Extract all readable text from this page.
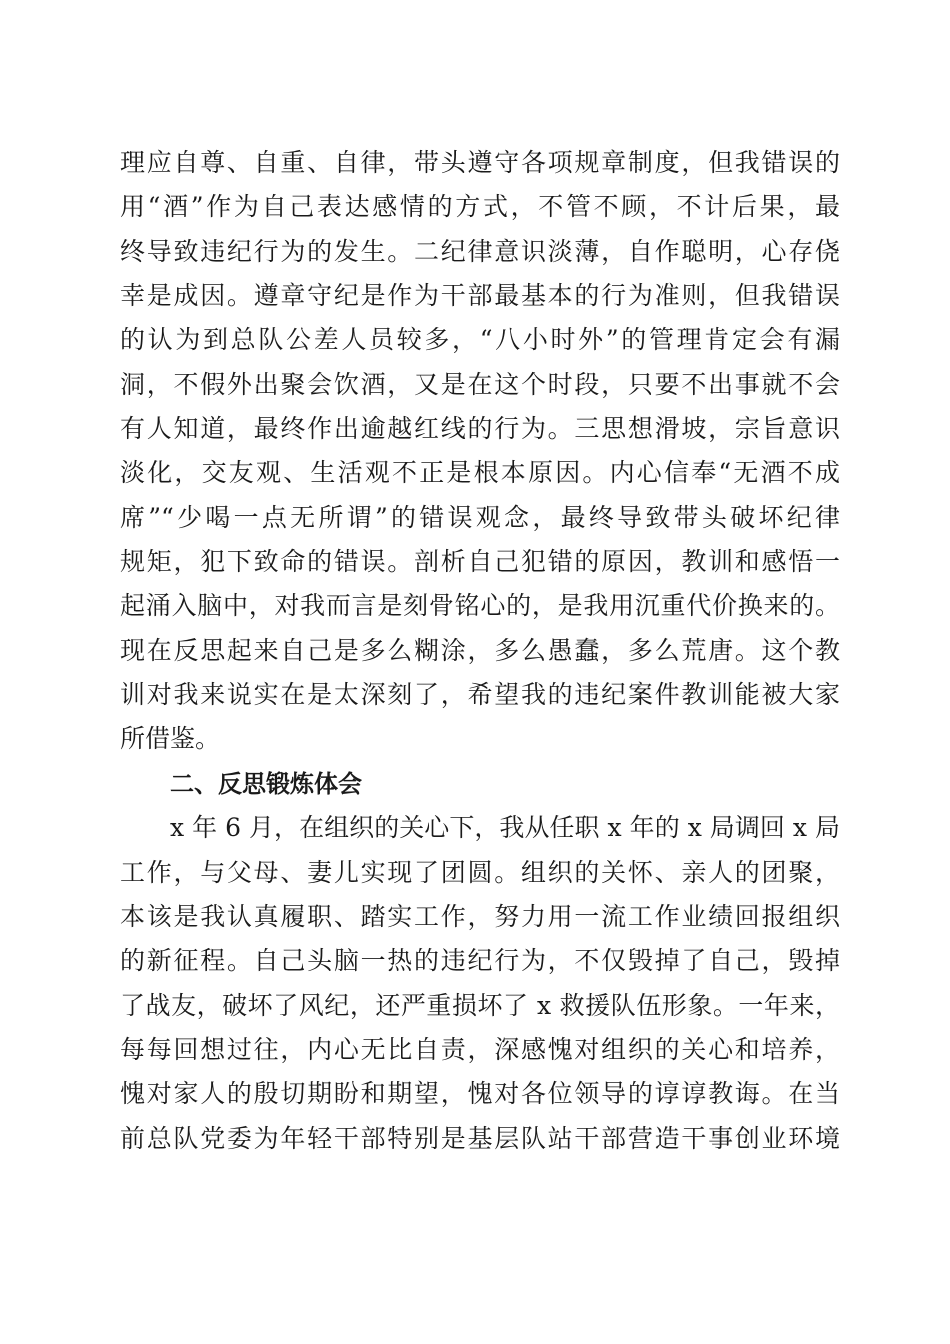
理应自尊、自重、自律，带头遵守各项规章制度，但我错误的
用“酒”作为自己表达感情的方式，不管不顾，不计后果，最
终导致违纪行为的发生。二纪律意识淡薄，自作聪明，心存侥
幸是成因。遵章守纪是作为干部最基本的行为准则，但我错误
的认为到总队公差人员较多，“八小时外”的管理肯定会有漏
洞，不假外出聚会饮酒，又是在这个时段，只要不出事就不会
有人知道，最终作出逾越红线的行为。三思想滑坡，宗旨意识
淡化，交友观、生活观不正是根本原因。内心信奉“无酒不成
席”“少喝一点无所谓”的错误观念，最终导致带头破坏纪律
规矩，犯下致命的错误。剖析自己犯错的原因，教训和感悟一
起涌入脑中，对我而言是刻骨铭心的，是我用沉重代价换来的。
现在反思起来自己是多么糊涂，多么愚蠢，多么荒唐。这个教
训对我来说实在是太深刻了，希望我的违纪案件教训能被大家
所借鉴。
二、反思锻炼体会
x 年 6 月，在组织的关心下，我从任职 x 年的 x 局调回 x 局
工作，与父母、妻儿实现了团圆。组织的关怀、亲人的团聚，
本该是我认真履职、踏实工作，努力用一流工作业绩回报组织
的新征程。自己头脑一热的违纪行为，不仅毁掉了自己，毁掉
了战友，破坏了风纪，还严重损坏了 x 救援队伍形象。一年来，
每每回想过往，内心无比自责，深感愧对组织的关心和培养，
愧对家人的殷切期盼和期望，愧对各位领导的谆谆教诲。在当
前总队党委为年轻干部特别是基层队站干部营造干事创业环境
